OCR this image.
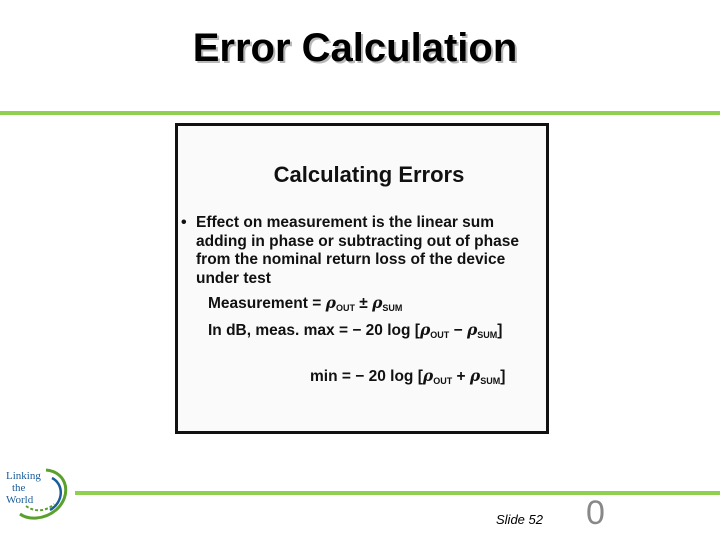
Error Calculation
Calculating Errors
• Effect on measurement is the linear sum
adding in phase or subtracting out of phase
from the nominal return loss of the device
under test
Measurement = $\rho_{OUT} \pm \rho_{SUM}$
In dB, meas. max = − 20 $\log [\rho_{OUT} - \rho_{SUM}]$
min = − 20 $\log [\rho_{OUT} + \rho_{SUM}]$
Linking
the
World
Slide 52 0
